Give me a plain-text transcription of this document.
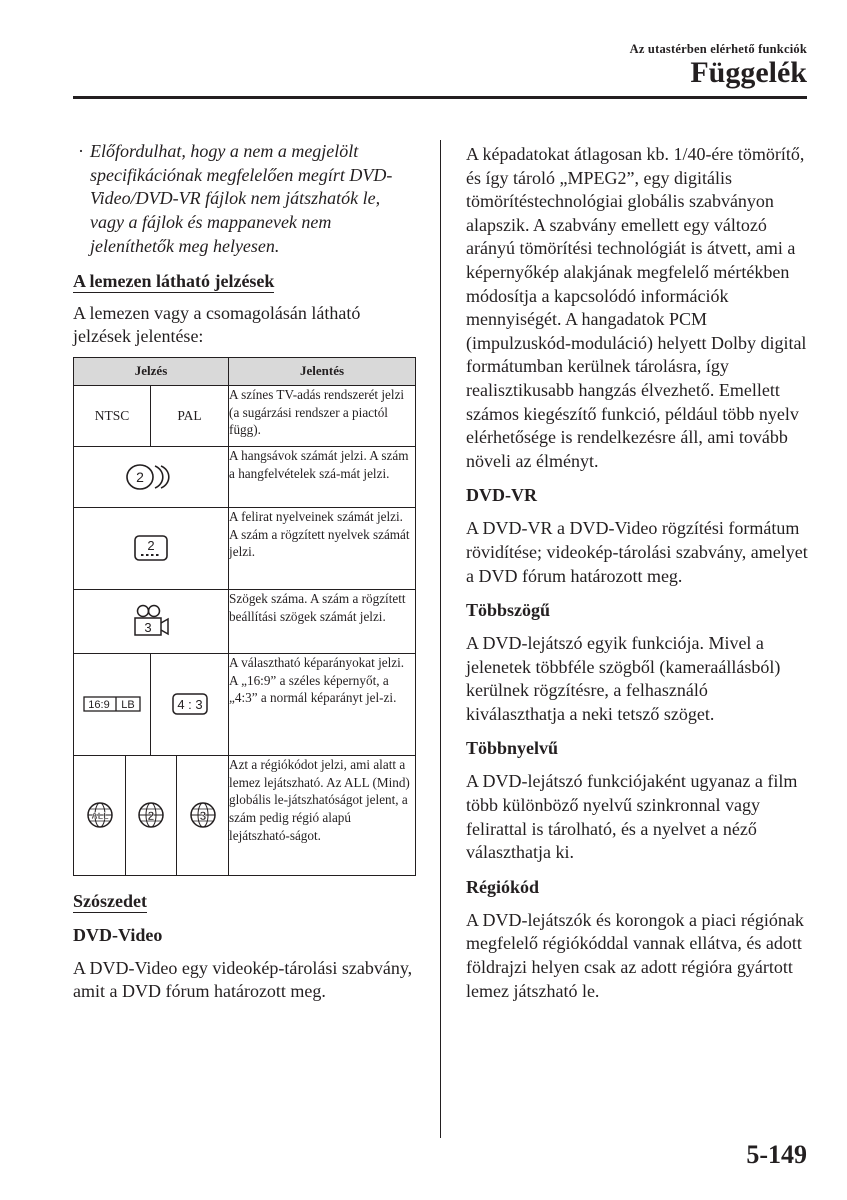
Az utastérben elérhető funkciók
Függelék
· Előfordulhat, hogy a nem a megjelölt specifikációnak megfelelően megírt DVD-Video/DVD-VR fájlok nem játszhatók le, vagy a fájlok és mappanevek nem jeleníthetők meg helyesen.
A lemezen látható jelzések
A lemezen vagy a csomagolásán látható jelzések jelentése:
Jelzés				Jelentés
NTSC		PAL		A színes TV-adás rendszerét jelzi (a sugárzási rendszer a piactól függ).

2				A hangsávok számát jelzi. A szám a hangfelvételek szá-mát jelzi.

2				A felirat nyelveinek számát jelzi. A szám a rögzített nyelvek számát jelzi.

3				Szögek száma. A szám a rögzített beállítási szögek számát jelzi.

16:9 LB		4 : 3		A választható képarányokat jelzi. A „16:9” a széles képernyőt, a „4:3” a normál képarányt jel-zi.

ALL	2		3	Azt a régiókódot jelzi, ami alatt a lemez lejátszható. Az ALL (Mind) globális le-játszhatóságot jelent, a szám pedig régió alapú lejátszható-ságot.
Szószedet
DVD-Video
A DVD-Video egy videokép-tárolási szabvány, amit a DVD fórum határozott meg.
A képadatokat átlagosan kb. 1/40-ére tömörítő, és így tároló „MPEG2”, egy digitális tömörítéstechnológiai globális szabványon alapszik. A szabvány emellett egy változó arányú tömörítési technológiát is átvett, ami a képernyőkép alakjának megfelelő mértékben módosítja a kapcsolódó információk mennyiségét. A hangadatok PCM (impulzuskód-moduláció) helyett Dolby digital formátumban kerülnek tárolásra, így realisztikusabb hangzás élvezhető. Emellett számos kiegészítő funkció, például több nyelv elérhetősége is rendelkezésre áll, ami tovább növeli az élményt.
DVD-VR
A DVD-VR a DVD-Video rögzítési formátum rövidítése; videokép-tárolási szabvány, amelyet a DVD fórum határozott meg.
Többszögű
A DVD-lejátszó egyik funkciója. Mivel a jelenetek többféle szögből (kameraállásból) kerülnek rögzítésre, a felhasználó kiválaszthatja a neki tetsző szöget.
Többnyelvű
A DVD-lejátszó funkciójaként ugyanaz a film több különböző nyelvű szinkronnal vagy felirattal is tárolható, és a nyelvet a néző választhatja ki.
Régiókód
A DVD-lejátszók és korongok a piaci régiónak megfelelő régiókóddal vannak ellátva, és adott földrajzi helyen csak az adott régióra gyártott lemez játszható le.
5-149
